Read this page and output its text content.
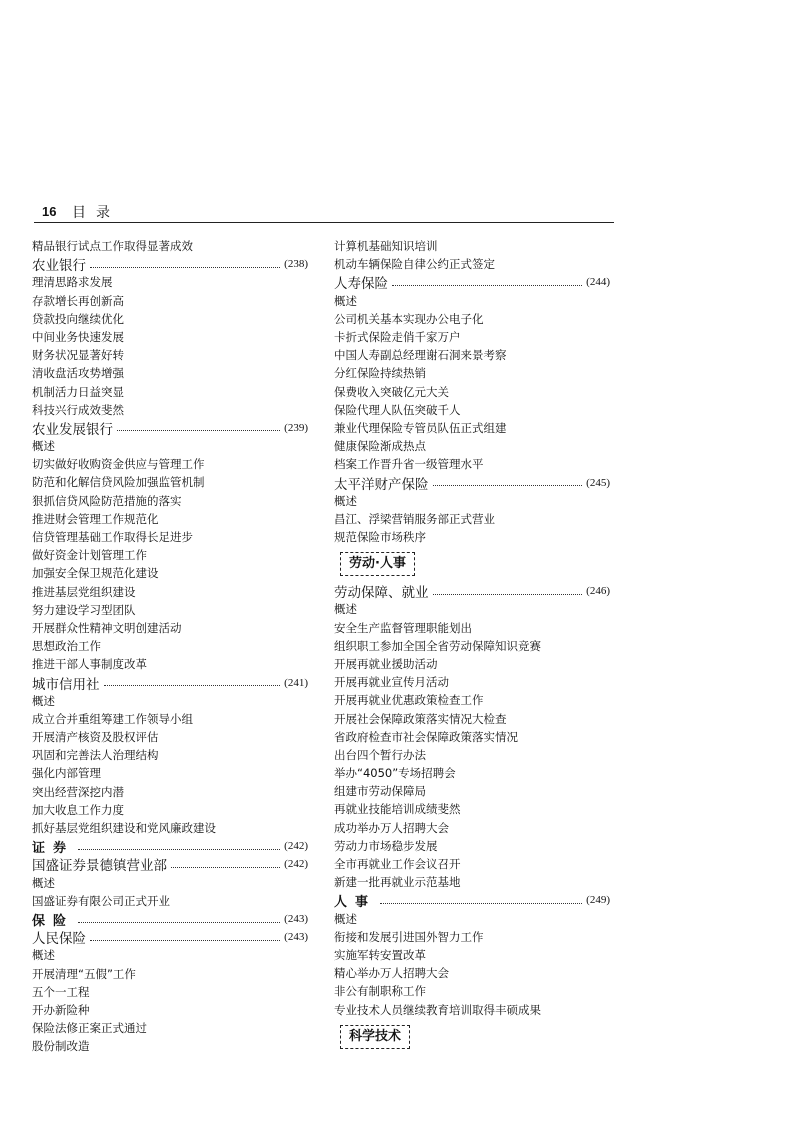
16 目录
精品银行试点工作取得显著成效
农业银行	(238)
理清思路求发展
存款增长再创新高
贷款投向继续优化
中间业务快速发展
财务状况显著好转
清收盘活攻势增强
机制活力日益突显
科技兴行成效斐然
农业发展银行	(239)
概述
切实做好收购资金供应与管理工作
防范和化解信贷风险加强监管机制
狠抓信贷风险防范措施的落实
推进财会管理工作规范化
信贷管理基础工作取得长足进步
做好资金计划管理工作
加强安全保卫规范化建设
推进基层党组织建设
努力建设学习型团队
开展群众性精神文明创建活动
思想政治工作
推进干部人事制度改革
城市信用社	(241)
概述
成立合并重组筹建工作领导小组
开展清产核资及股权评估
巩固和完善法人治理结构
强化内部管理
突出经营深挖内潜
加大收息工作力度
抓好基层党组织建设和党风廉政建设
证券	(242)
国盛证券景德镇营业部	(242)
概述
国盛证券有限公司正式开业
保险	(243)
人民保险	(243)
概述
开展清理“五假”工作
五个一工程
开办新险种
保险法修正案正式通过
股份制改造
计算机基础知识培训
机动车辆保险自律公约正式签定
人寿保险	(244)
概述
公司机关基本实现办公电子化
卡折式保险走俏千家万户
中国人寿副总经理谢石洞来景考察
分红保险持续热销
保费收入突破亿元大关
保险代理人队伍突破千人
兼业代理保险专管员队伍正式组建
健康保险渐成热点
档案工作晋升省一级管理水平
太平洋财产保险	(245)
概述
昌江、浮梁营销服务部正式营业
规范保险市场秩序
劳动·人事
劳动保障、就业	(246)
概述
安全生产监督管理职能划出
组织职工参加全国全省劳动保障知识竞赛
开展再就业援助活动
开展再就业宣传月活动
开展再就业优惠政策检查工作
开展社会保障政策落实情况大检查
省政府检查市社会保障政策落实情况
出台四个暂行办法
举办“4050”专场招聘会
组建市劳动保障局
再就业技能培训成绩斐然
成功举办万人招聘大会
劳动力市场稳步发展
全市再就业工作会议召开
新建一批再就业示范基地
人事	(249)
概述
衔接和发展引进国外智力工作
实施军转安置改革
精心举办万人招聘大会
非公有制职称工作
专业技术人员继续教育培训取得丰硕成果
科学技术
